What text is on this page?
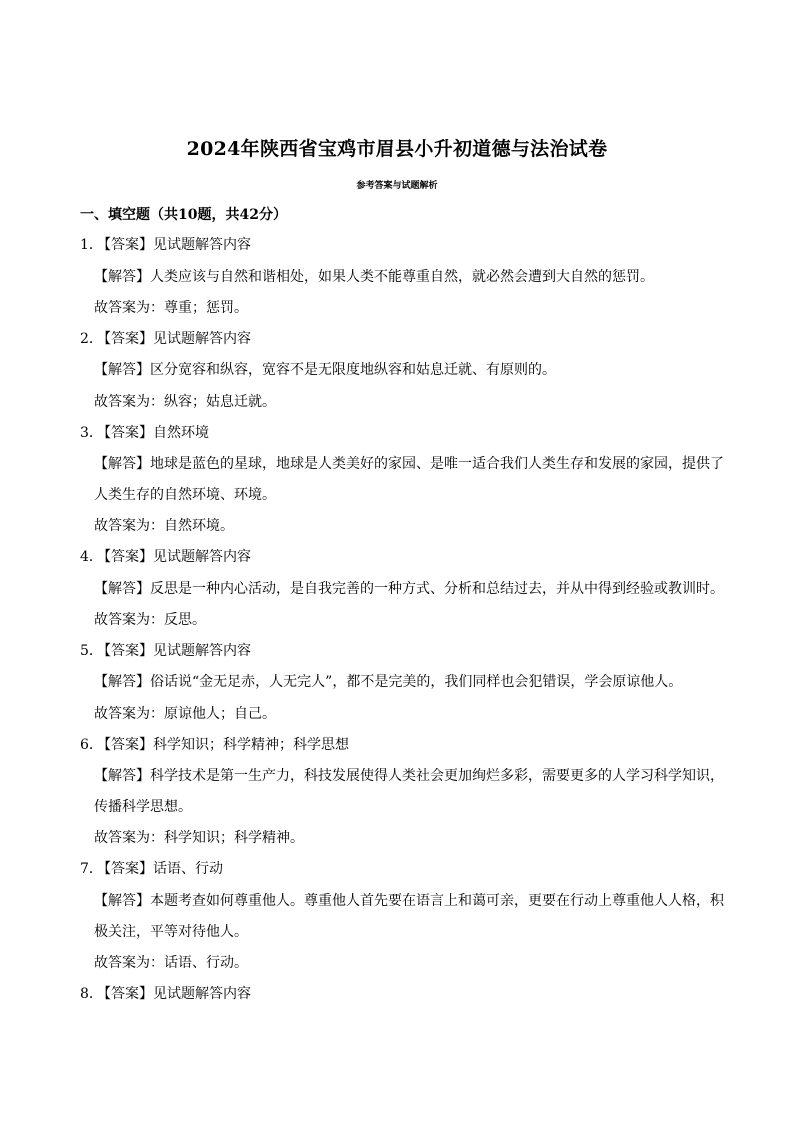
2024年陕西省宝鸡市眉县小升初道德与法治试卷
参考答案与试题解析
一、填空题（共10题，共42分）
1．
【答案】见试题解答内容
【解答】人类应该与自然和谐相处，如果人类不能尊重自然，就必然会遭到大自然的惩罚。
故答案为：尊重；惩罚。
2．
【答案】见试题解答内容
【解答】区分宽容和纵容，宽容不是无限度地纵容和姑息迁就、有原则的。
故答案为：纵容；姑息迁就。
3．
【答案】自然环境
【解答】地球是蓝色的星球，地球是人类美好的家园、是唯一适合我们人类生存和发展的家园，提供了
人类生存的自然环境、环境。
故答案为：自然环境。
4．
【答案】见试题解答内容
【解答】反思是一种内心活动，是自我完善的一种方式、分析和总结过去，并从中得到经验或教训时。
故答案为：反思。
5．
【答案】见试题解答内容
【解答】俗话说“金无足赤，人无完人”，都不是完美的，我们同样也会犯错误，学会原谅他人。
故答案为：原谅他人；自己。
6．
【答案】科学知识；科学精神；科学思想
【解答】科学技术是第一生产力，科技发展使得人类社会更加绚烂多彩，需要更多的人学习科学知识，
传播科学思想。
故答案为：科学知识；科学精神。
7．
【答案】话语、行动
【解答】本题考查如何尊重他人。尊重他人首先要在语言上和蔼可亲，更要在行动上尊重他人人格，积
极关注，平等对待他人。
故答案为：话语、行动。
8．
【答案】见试题解答内容
